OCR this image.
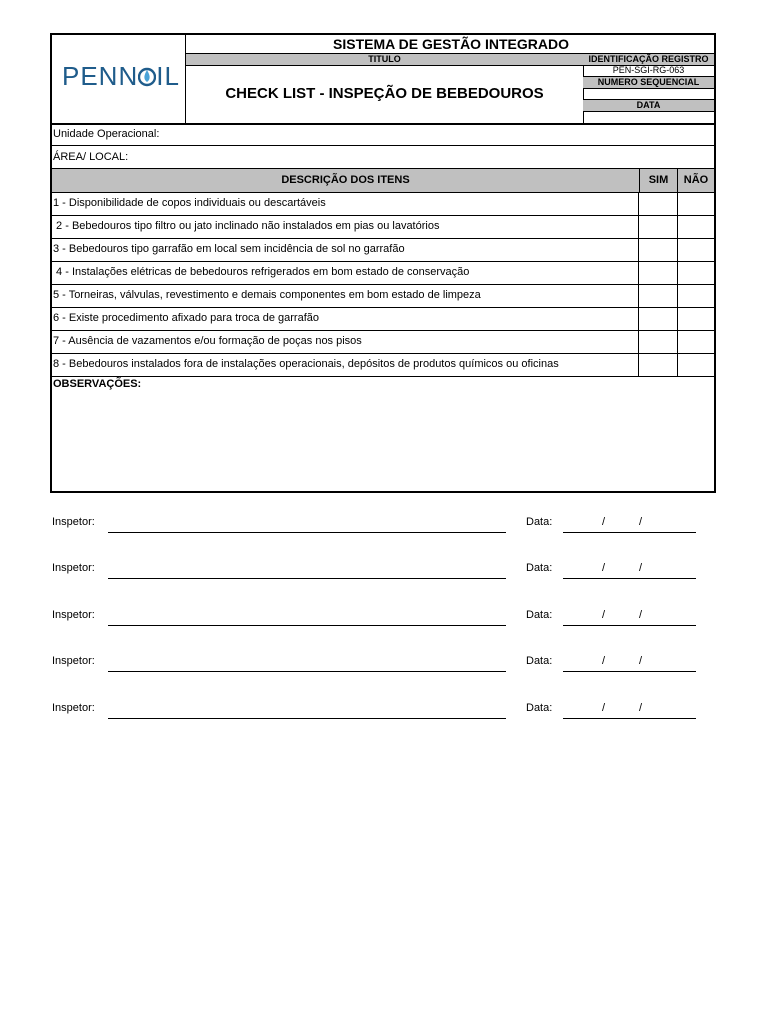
PENN IL
SISTEMA DE GESTÃO INTEGRADO
TITULO
CHECK LIST - INSPEÇÃO DE BEBEDOUROS
IDENTIFICAÇÃO REGISTRO
PEN-SGI-RG-063
NUMERO SEQUENCIAL
DATA
Unidade Operacional:
ÁREA/ LOCAL:
DESCRIÇÃO DOS ITENS	SIM	NÃO
1 - Disponibilidade de copos individuais ou descartáveis
2 - Bebedouros tipo filtro ou jato inclinado não instalados em pias ou lavatórios
3 - Bebedouros tipo garrafão em local sem incidência de sol no garrafão
4 - Instalações elétricas de bebedouros refrigerados em bom estado de conservação
5 - Torneiras, válvulas, revestimento e demais componentes em bom estado de limpeza
6 - Existe procedimento afixado para troca de garrafão
7 - Ausência de vazamentos e/ou formação de poças nos pisos
8 - Bebedouros instalados fora de instalações operacionais, depósitos de produtos químicos ou oficinas
OBSERVAÇÕES:
Inspetor:	Data:	/	/
Inspetor:	Data:	/	/
Inspetor:	Data:	/	/
Inspetor:	Data:	/	/
Inspetor:	Data:	/	/
